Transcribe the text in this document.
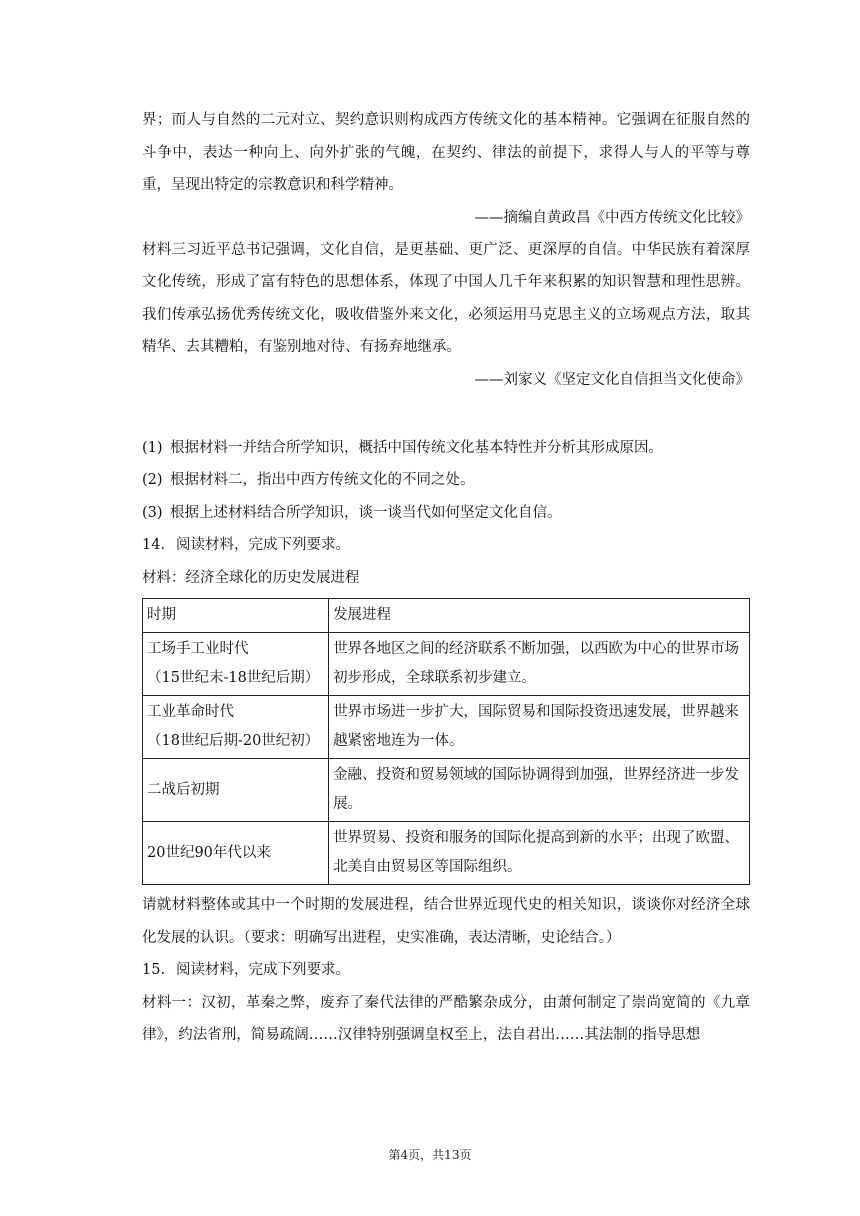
界；而人与自然的二元对立、契约意识则构成西方传统文化的基本精神。它强调在征服自然的斗争中，表达一种向上、向外扩张的气魄，在契约、律法的前提下，求得人与人的平等与尊重，呈现出特定的宗教意识和科学精神。

——摘编自黄政昌《中西方传统文化比较》

材料三习近平总书记强调，文化自信，是更基础、更广泛、更深厚的自信。中华民族有着深厚文化传统，形成了富有特色的思想体系，体现了中国人几千年来积累的知识智慧和理性思辨。我们传承弘扬优秀传统文化，吸收借鉴外来文化，必须运用马克思主义的立场观点方法，取其精华、去其糟粕，有鉴别地对待、有扬弃地继承。

——刘家义《坚定文化自信担当文化使命》

(1) 根据材料一并结合所学知识，概括中国传统文化基本特性并分析其形成原因。

(2) 根据材料二，指出中西方传统文化的不同之处。

(3) 根据上述材料结合所学知识，谈一谈当代如何坚定文化自信。

14. 阅读材料，完成下列要求。

材料：经济全球化的历史发展进程

时期	发展进程

工场手工业时代
（15世纪末-18世纪后期）	世界各地区之间的经济联系不断加强，以西欧为中心的世界市场初步形成，全球联系初步建立。

工业革命时代
（18世纪后期-20世纪初）	世界市场进一步扩大，国际贸易和国际投资迅速发展，世界越来越紧密地连为一体。
二战后初期	金融、投资和贸易领域的国际协调得到加强，世界经济进一步发展。
20世纪90年代以来	世界贸易、投资和服务的国际化提高到新的水平；出现了欧盟、北美自由贸易区等国际组织。

请就材料整体或其中一个时期的发展进程，结合世界近现代史的相关知识，谈谈你对经济全球化发展的认识。（要求：明确写出进程，史实准确，表达清晰，史论结合。）

15. 阅读材料，完成下列要求。

材料一：汉初，革秦之弊，废弃了秦代法律的严酷繁杂成分，由萧何制定了崇尚宽简的《九章律》，约法省刑，简易疏阔……汉律特别强调皇权至上，法自君出……其法制的指导思想

第4页，共13页
